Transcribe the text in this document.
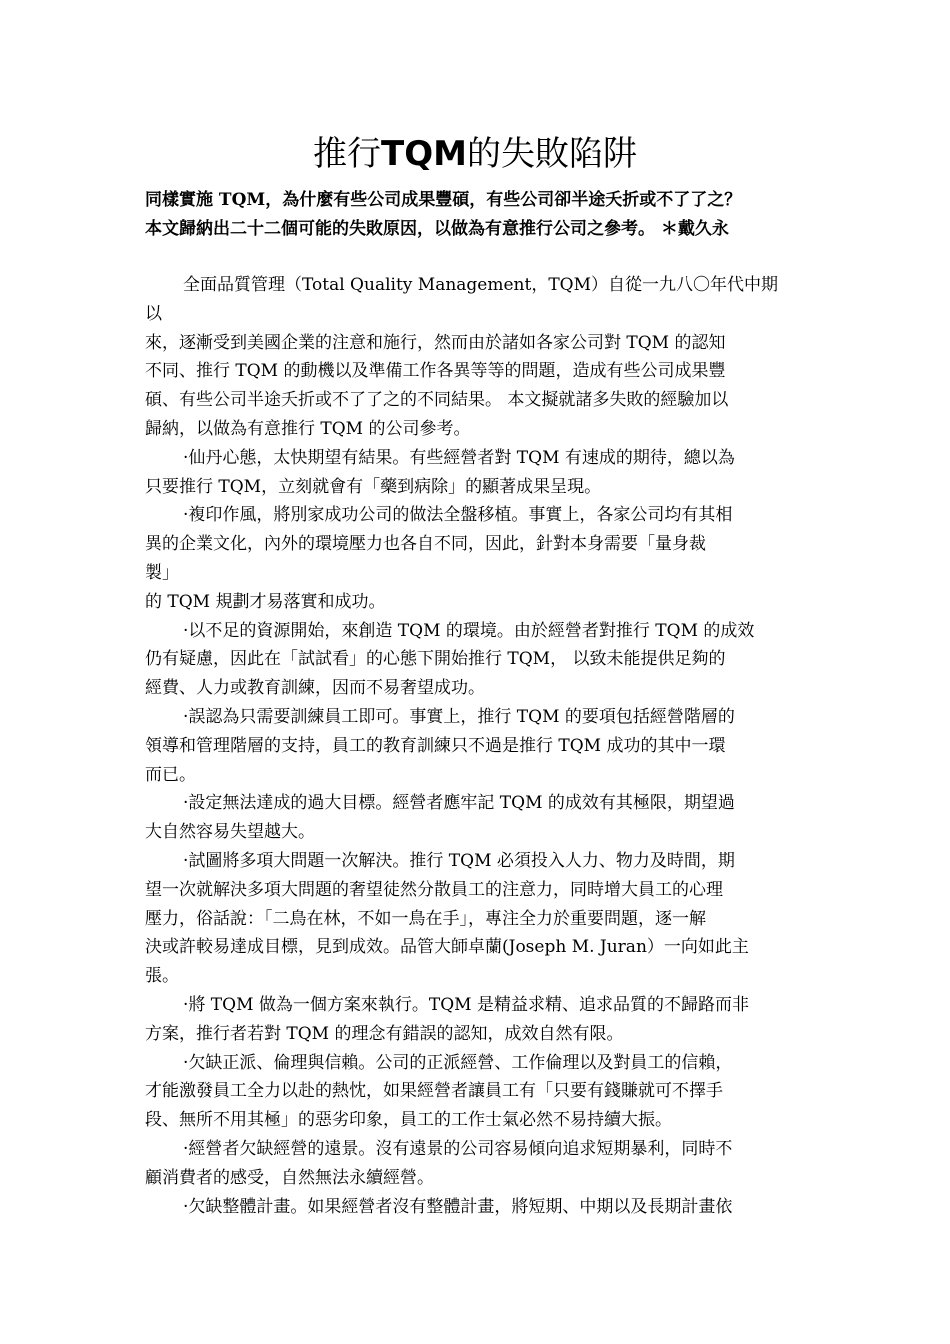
推行TQM的失敗陷阱
同樣實施 TQM，為什麼有些公司成果豐碩，有些公司卻半途夭折或不了了之？
本文歸納出二十二個可能的失敗原因，以做為有意推行公司之參考。 ＊戴久永
全面品質管理（Total Quality Management，TQM）自從一九八〇年代中期
以
來，逐漸受到美國企業的注意和施行，然而由於諸如各家公司對 TQM 的認知
不同、推行 TQM 的動機以及準備工作各異等等的問題，造成有些公司成果豐
碩、有些公司半途夭折或不了了之的不同結果。 本文擬就諸多失敗的經驗加以
歸納，以做為有意推行 TQM 的公司參考。
·仙丹心態，太快期望有結果。有些經營者對 TQM 有速成的期待，總以為
只要推行 TQM，立刻就會有「藥到病除」的顯著成果呈現。
·複印作風，將別家成功公司的做法全盤移植。事實上，各家公司均有其相
異的企業文化，內外的環境壓力也各自不同，因此，針對本身需要「量身裁
製」
的 TQM 規劃才易落實和成功。
·以不足的資源開始，來創造 TQM 的環境。由於經營者對推行 TQM 的成效
仍有疑慮，因此在「試試看」的心態下開始推行 TQM， 以致未能提供足夠的
經費、人力或教育訓練，因而不易奢望成功。
·誤認為只需要訓練員工即可。事實上，推行 TQM 的要項包括經營階層的
領導和管理階層的支持，員工的教育訓練只不過是推行 TQM 成功的其中一環
而已。
·設定無法達成的過大目標。經營者應牢記 TQM 的成效有其極限，期望過
大自然容易失望越大。
·試圖將多項大問題一次解決。推行 TQM 必須投入人力、物力及時間，期
望一次就解決多項大問題的奢望徒然分散員工的注意力，同時增大員工的心理
壓力，俗話說：「二鳥在林，不如一鳥在手」，專注全力於重要問題，逐一解
決或許較易達成目標，見到成效。品管大師卓蘭(Joseph M. Juran）一向如此主
張。
·將 TQM 做為一個方案來執行。TQM 是精益求精、追求品質的不歸路而非
方案，推行者若對 TQM 的理念有錯誤的認知，成效自然有限。
·欠缺正派、倫理與信賴。公司的正派經營、工作倫理以及對員工的信賴，
才能激發員工全力以赴的熱忱，如果經營者讓員工有「只要有錢賺就可不擇手
段、無所不用其極」的惡劣印象，員工的工作士氣必然不易持續大振。
·經營者欠缺經營的遠景。沒有遠景的公司容易傾向追求短期暴利，同時不
顧消費者的感受，自然無法永續經營。
·欠缺整體計畫。如果經營者沒有整體計畫，將短期、中期以及長期計畫依
